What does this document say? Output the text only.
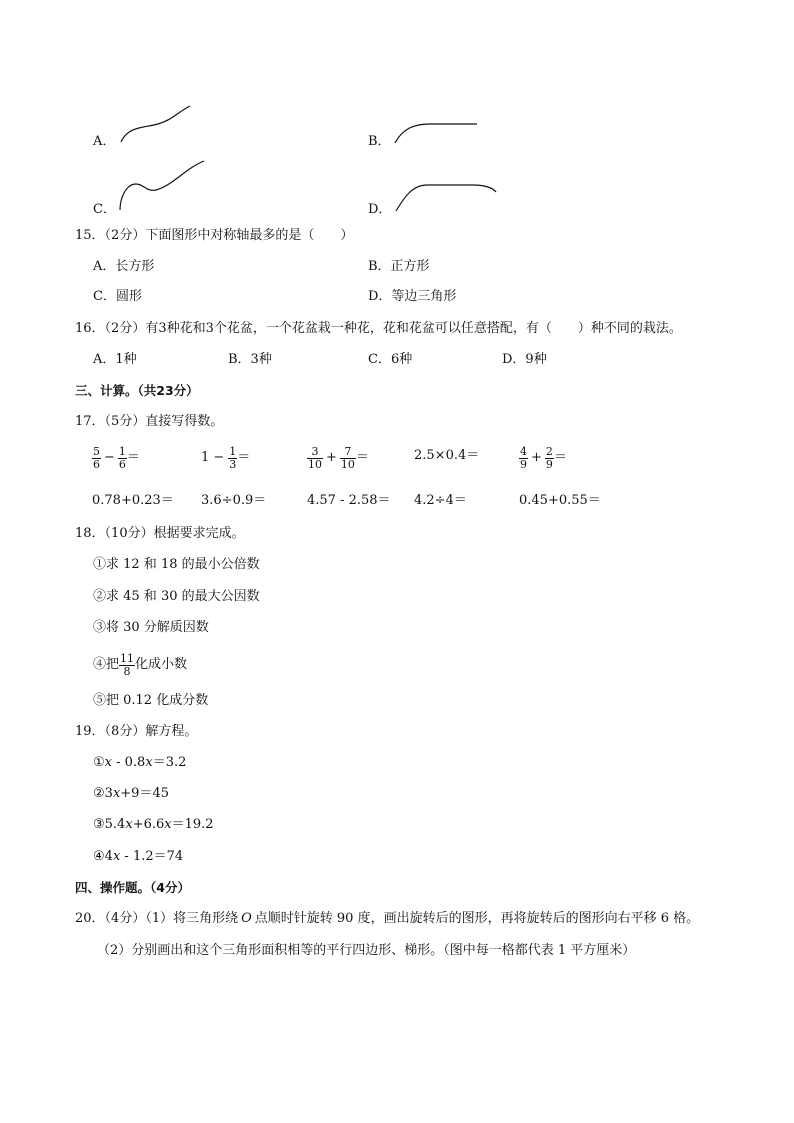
A．	B．
C．	D．
15．（2分）下面图形中对称轴最多的是（　　）
A．长方形	B．正方形
C．圆形	D．等边三角形
16．（2分）有3种花和3个花盆，一个花盆栽一种花，花和花盆可以任意搭配，有（　　）种不同的栽法。
A．1种	B．3种	C．6种	D．9种
三、计算。（共23分）
17．（5分）直接写得数。
$\frac{5}{6} - \frac{1}{6}$ ＝	$1 - \frac{1}{3}$ ＝	$\frac{3}{10} + \frac{7}{10}$ ＝	2.5×0.4＝	$\frac{4}{9} + \frac{2}{9}$ ＝
0.78+0.23＝ 3.6÷0.9＝	4.57 - 2.58＝ 4.2÷4＝	0.45+0.55＝
18．（10分）根据要求完成。
①求 12 和 18 的最小公倍数
②求 45 和 30 的最大公因数
③将 30 分解质因数
④把 $\frac{11}{8}$ 化成小数
⑤把 0.12 化成分数
19．（8分）解方程。
①x - 0.8x＝3.2
②3x+9＝45
③5.4x+6.6x＝19.2
④4x - 1.2＝74
四、操作题。（4分）
20．（4分）（1）将三角形绕 O 点顺时针旋转 90 度，画出旋转后的图形，再将旋转后的图形向右平移 6 格。
（2）分别画出和这个三角形面积相等的平行四边形、梯形。（图中每一格都代表 1 平方厘米）
